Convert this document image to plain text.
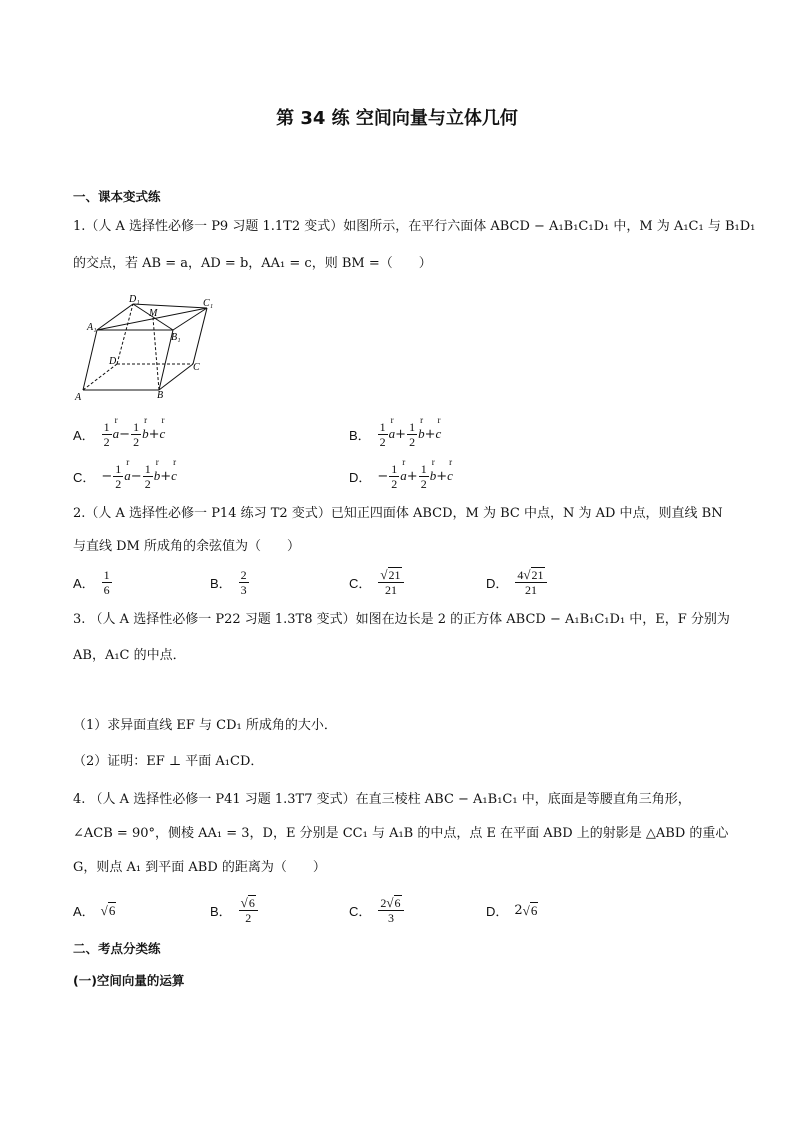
第 34 练 空间向量与立体几何
一、课本变式练
1.（人 A 选择性必修一 P9 习题 1.1T2 变式）如图所示，在平行六面体 ABCD − A₁B₁C₁D₁ 中，M 为 A₁C₁ 与 B₁D₁
的交点，若 AB = a，AD = b，AA₁ = c，则 BM =（　　）
D₁	C₁
A₁
M
B₁
D
C
A	B
A． $\frac{1}{2}$ r $a - \frac{1}{2}$ r b + r c	B． $\frac{1}{2}$ r $a + \frac{1}{2}$ r b + r c
C． − $\frac{1}{2}$ r $a - \frac{1}{2}$ r b + r c	D． − $\frac{1}{2}$ r $a + \frac{1}{2}$ r b + r c
2.（人 A 选择性必修一 P14 练习 T2 变式）已知正四面体 ABCD，M 为 BC 中点，N 为 AD 中点，则直线 BN
与直线 DM 所成角的余弦值为（　　）
A． $\frac{1}{6}$	B． $\frac{2}{3}$	C． $\frac{√ 21}{21}$	D． $\frac{4 √ 21}{21}$
3. （人 A 选择性必修一 P22 习题 1.3T8 变式）如图在边长是 2 的正方体 ABCD − A₁B₁C₁D₁ 中，E，F 分别为
AB，A₁C 的中点．
（1）求异面直线 EF 与 CD₁ 所成角的大小．
（2）证明：EF ⊥ 平面 A₁CD．
4. （人 A 选择性必修一 P41 习题 1.3T7 变式）在直三棱柱 ABC − A₁B₁C₁ 中，底面是等腰直角三角形，
∠ACB = 90°，侧棱 AA₁ = 3，D，E 分别是 CC₁ 与 A₁B 的中点，点 E 在平面 ABD 上的射影是 △ABD 的重心
G，则点 A₁ 到平面 ABD 的距离为（　　）
A． √ 6	B． $\frac{√ 6}{2}$	C． $\frac{2 √ 6}{3}$	D． 2 √ 6
二、考点分类练
(一)空间向量的运算
